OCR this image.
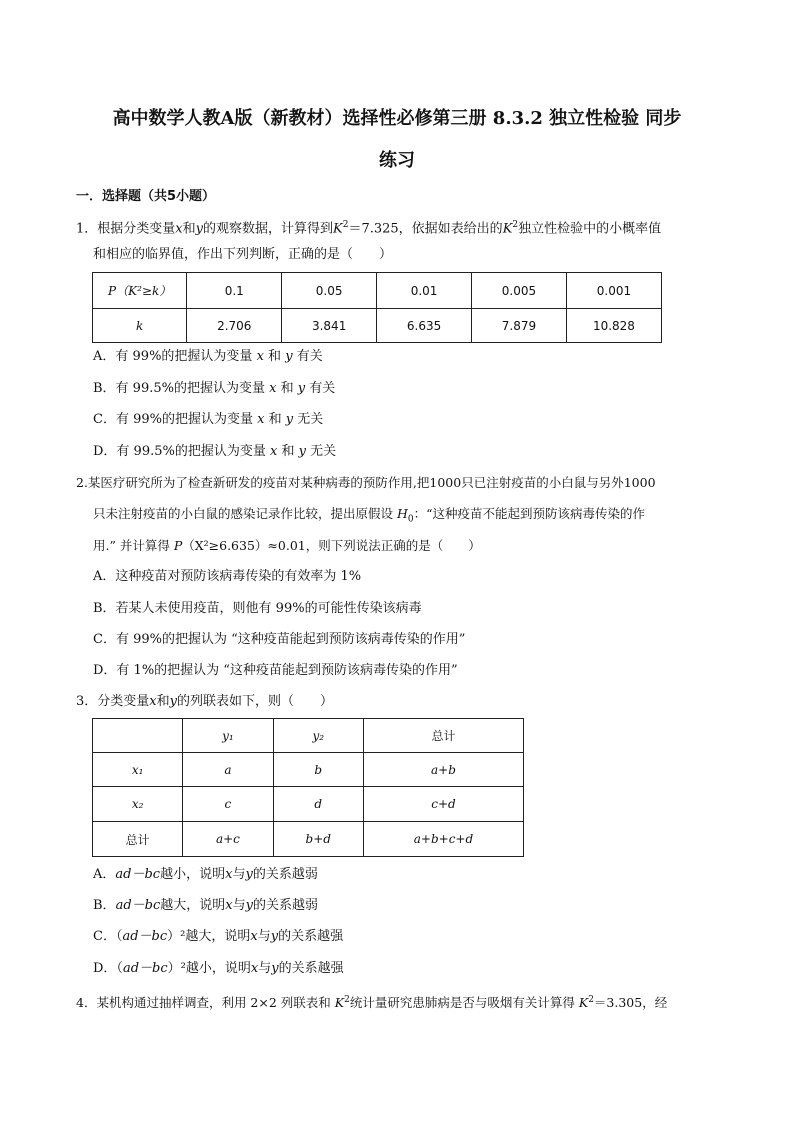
高中数学人教A版（新教材）选择性必修第三册 8.3.2 独立性检验 同步
练习
一．选择题（共5小题）
1．根据分类变量x和y的观察数据，计算得到$K^2=7.325$，依据如表给出的$K^2$独立性检验中的小概率值
和相应的临界值，作出下列判断，正确的是（　　）
P（K²≥k）	0.1	0.05	0.01	0.005	0.001
k	2.706	3.841	6.635	7.879	10.828
A．有 99%的把握认为变量 x 和 y 有关
B．有 99.5%的把握认为变量 x 和 y 有关
C．有 99%的把握认为变量 x 和 y 无关
D．有 99.5%的把握认为变量 x 和 y 无关
2.某医疗研究所为了检查新研发的疫苗对某种病毒的预防作用,把1000只已注射疫苗的小白鼠与另外1000
只未注射疫苗的小白鼠的感染记录作比较，提出原假设 $H_0$：“这种疫苗不能起到预防该病毒传染的作
用.” 并计算得 P（X²≥6.635）≈0.01，则下列说法正确的是（　　）
A．这种疫苗对预防该病毒传染的有效率为 1%
B．若某人未使用疫苗，则他有 99%的可能性传染该病毒
C．有 99%的把握认为 “这种疫苗能起到预防该病毒传染的作用”
D．有 1%的把握认为 “这种疫苗能起到预防该病毒传染的作用”
3．分类变量x和y的列联表如下，则（　　）
	y₁	y₂	总计
x₁	a	b	a+b
x₂	c	d	c+d
总计	a+c	b+d	a+b+c+d
A．ad－bc越小，说明x与y的关系越弱
B．ad－bc越大，说明x与y的关系越弱
C．（ad－bc）²越大，说明x与y的关系越强
D．（ad－bc）²越小，说明x与y的关系越强
4．某机构通过抽样调查，利用 2×2 列联表和 $K^2$统计量研究患肺病是否与吸烟有关计算得 $K^2=3.305$，经
